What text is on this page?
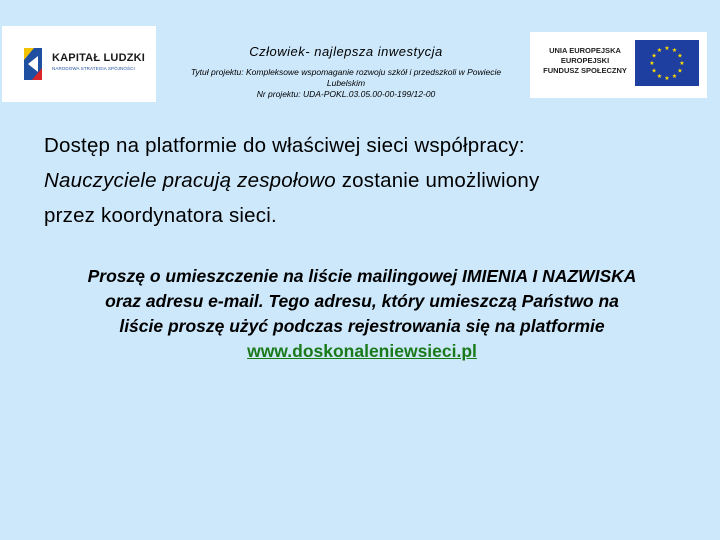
KAPITAŁ LUDZKI
NARODOWA STRATEGIA SPÓJNOŚCI
Człowiek- najlepsza inwestycja
Tytuł projektu: Kompleksowe wspomaganie rozwoju szkół i przedszkoli w Powiecie
Lubelskim
Nr projektu: UDA-POKL.03.05.00-00-199/12-00
UNIA EUROPEJSKA
EUROPEJSKI
FUNDUSZ SPOŁECZNY
★ ★
★
★
★
★
★
★
★
★
★
★
Dostęp na platformie do właściwej sieci współpracy:
Nauczyciele pracują zespołowo zostanie umożliwiony
przez koordynatora sieci.
Proszę o umieszczenie na liście mailingowej IMIENIA I NAZWISKA
oraz adresu e-mail. Tego adresu, który umieszczą Państwo na
liście proszę użyć podczas rejestrowania się na platformie
www.doskonaleniewsieci.pl
